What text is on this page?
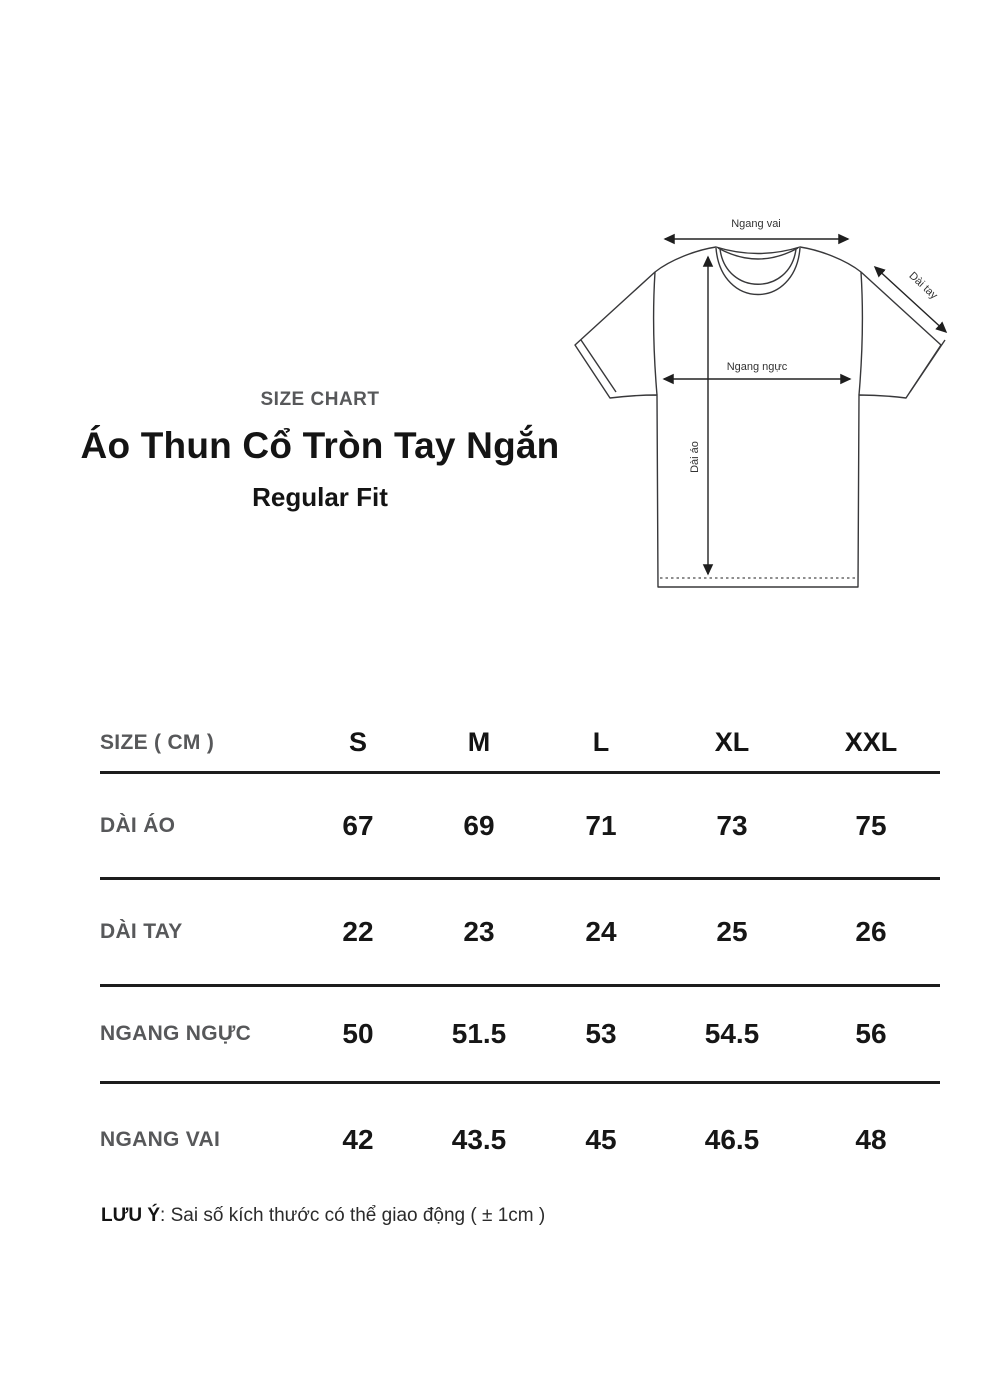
Ngang vai
Ngang ngực
Dài áo
Dài tay
SIZE CHART
Áo Thun Cổ Tròn Tay Ngắn
Regular Fit
SIZE ( CM )	S	M	L	XL	XXL
DÀI ÁO	67	69	71	73	75
DÀI TAY	22	23	24	25	26
NGANG NGỰC	50	51.5	53	54.5	56
NGANG VAI	42	43.5	45	46.5	48
LƯU Ý: Sai số kích thước có thể giao động ( ± 1cm )
